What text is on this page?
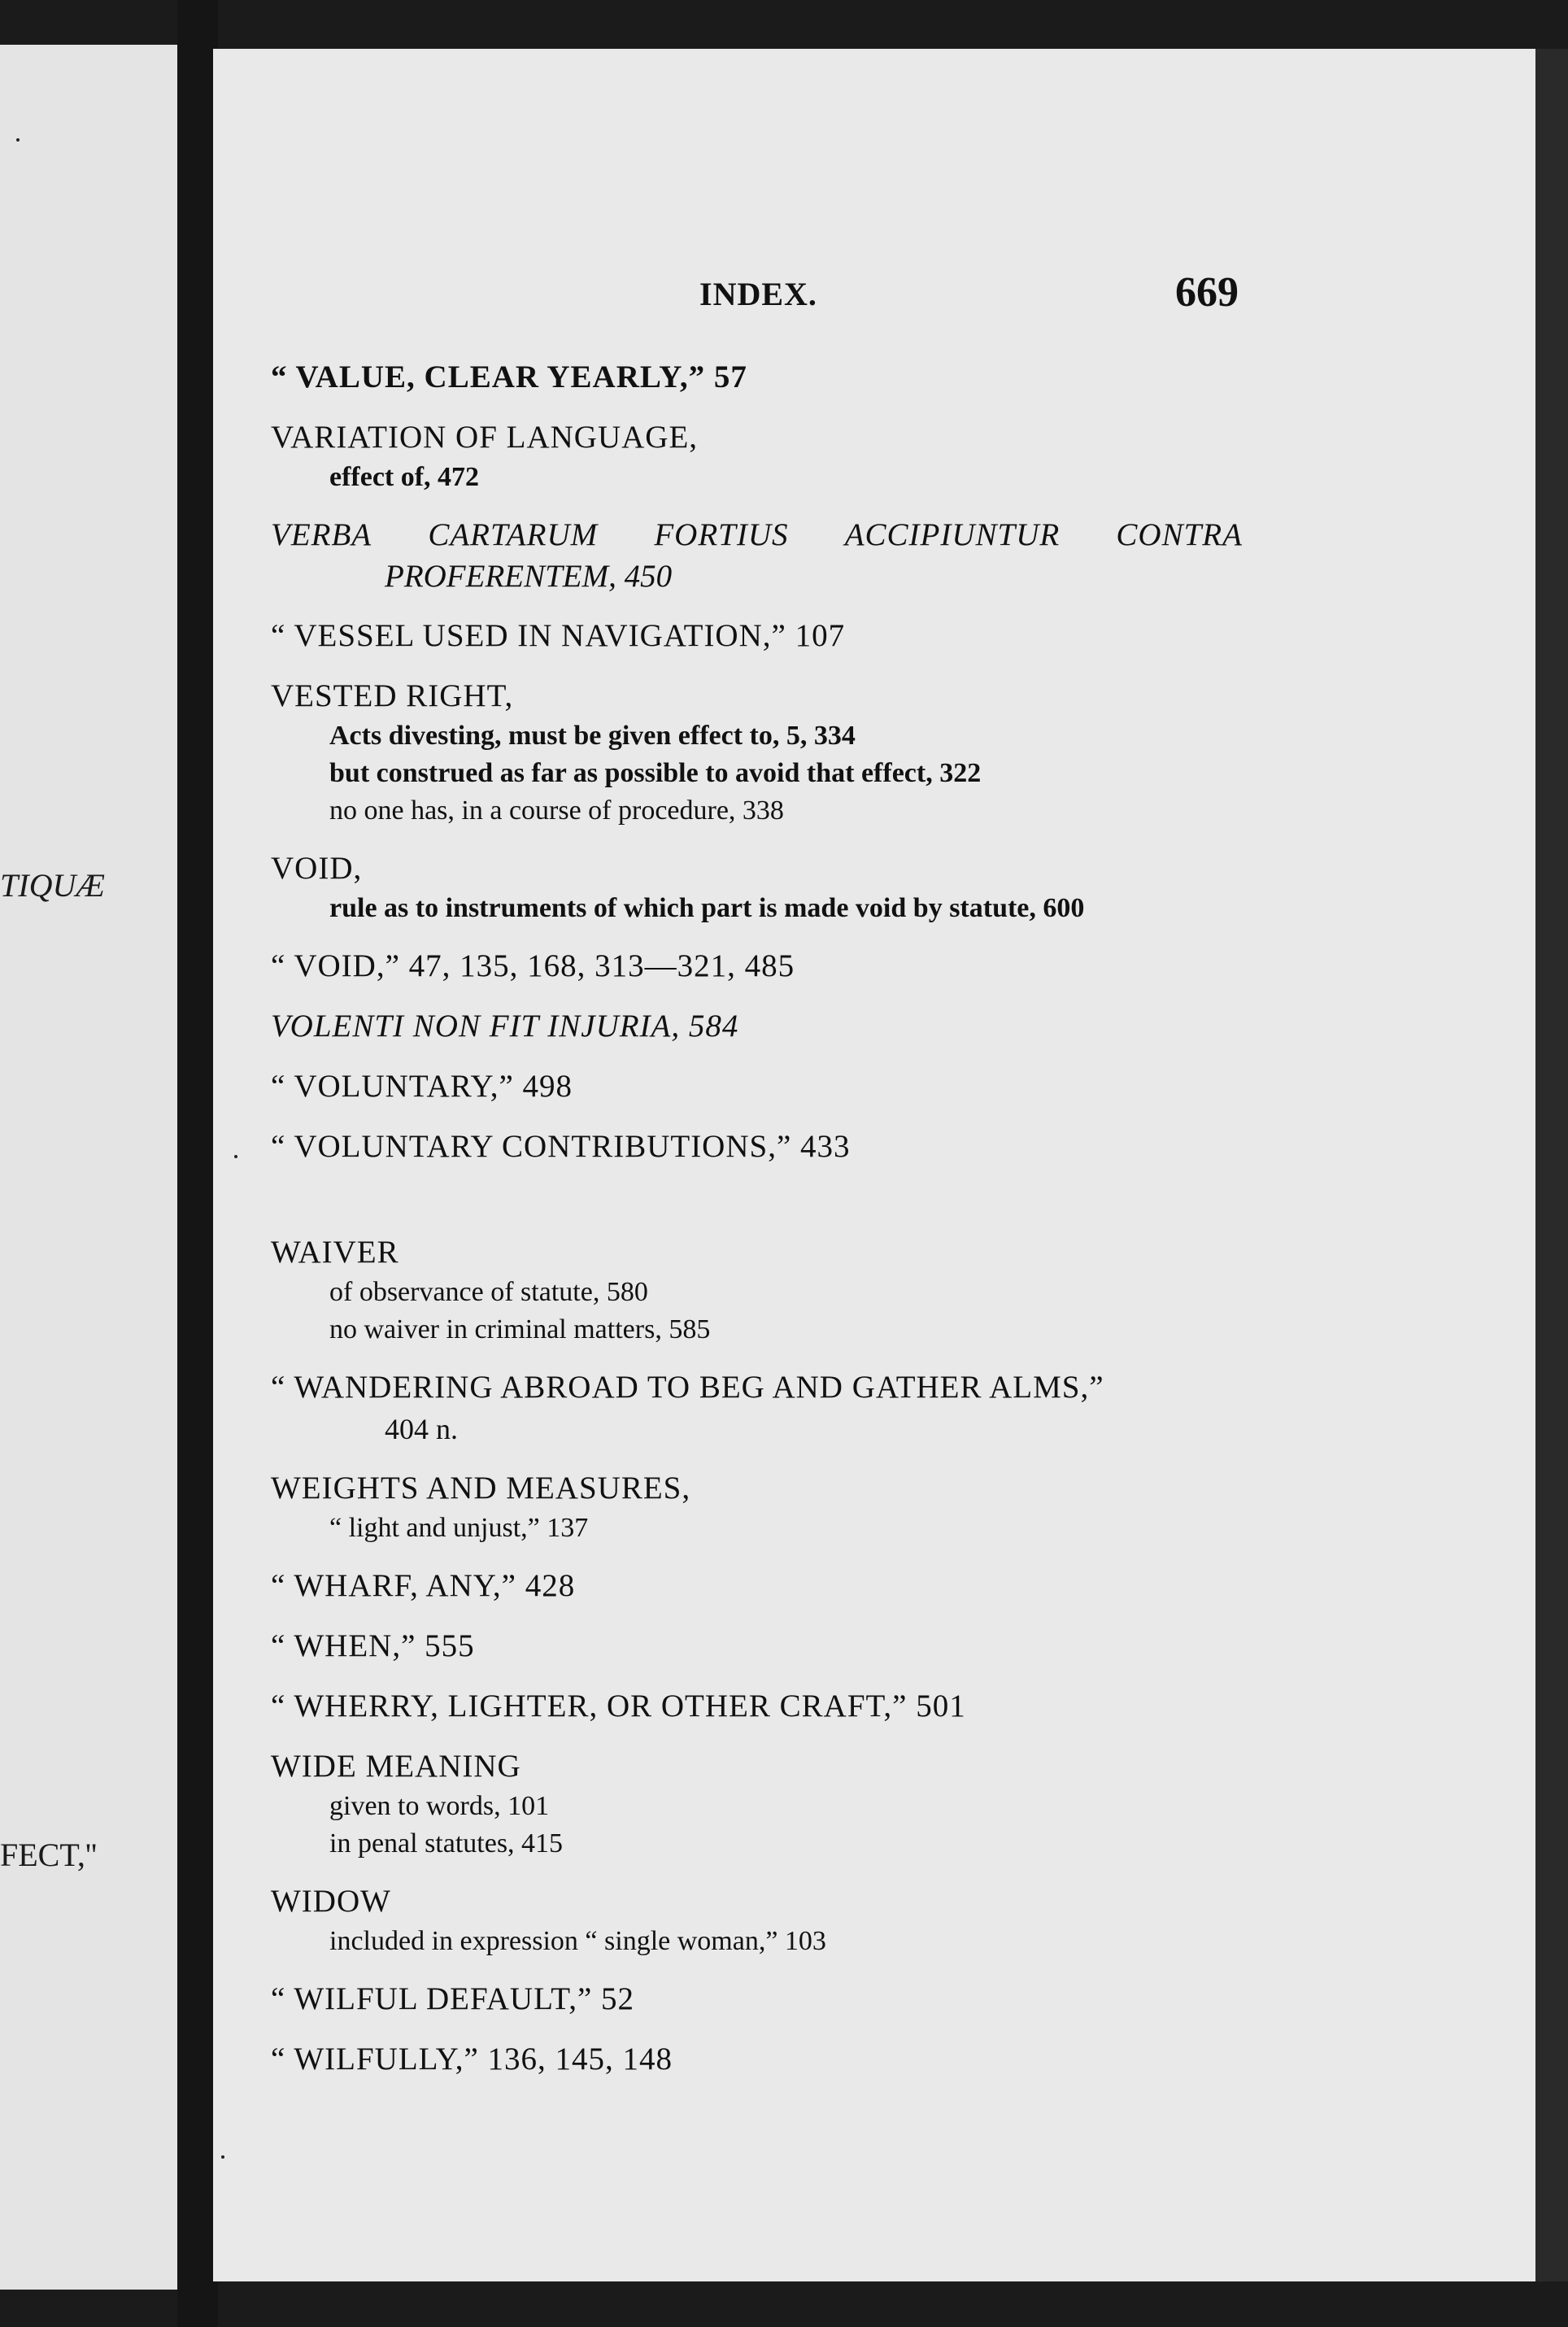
TIQUÆ
FECT,''
INDEX.	669
“ VALUE, CLEAR YEARLY,” 57
VARIATION OF LANGUAGE,
effect of, 472
VERBA CARTARUM FORTIUS ACCIPIUNTUR CONTRA
PROFERENTEM, 450
“ VESSEL USED IN NAVIGATION,” 107
VESTED RIGHT,
Acts divesting, must be given effect to, 5, 334
but construed as far as possible to avoid that effect, 322
no one has, in a course of procedure, 338
VOID,
rule as to instruments of which part is made void by statute, 600
“ VOID,” 47, 135, 168, 313—321, 485
VOLENTI NON FIT INJURIA, 584
“ VOLUNTARY,” 498
“ VOLUNTARY CONTRIBUTIONS,” 433
WAIVER
of observance of statute, 580
no waiver in criminal matters, 585
“ WANDERING ABROAD TO BEG AND GATHER ALMS,”
404 n.
WEIGHTS AND MEASURES,
“ light and unjust,” 137
“ WHARF, ANY,” 428
“ WHEN,” 555
“ WHERRY, LIGHTER, OR OTHER CRAFT,” 501
WIDE MEANING
given to words, 101
in penal statutes, 415
WIDOW
included in expression “ single woman,” 103
“ WILFUL DEFAULT,” 52
“ WILFULLY,” 136, 145, 148
